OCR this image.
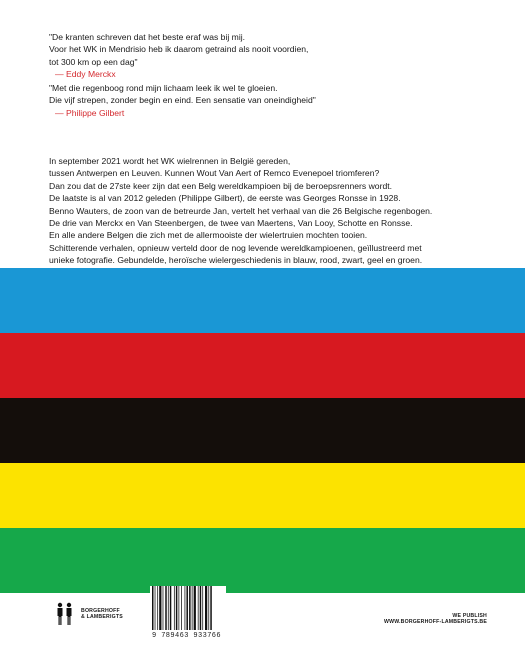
"De kranten schreven dat het beste eraf was bij mij.

Voor het WK in Mendrisio heb ik daarom getraind als nooit voordien,

tot 300 km op een dag"

— Eddy Merckx

"Met die regenboog rond mijn lichaam leek ik wel te gloeien.

Die vijf strepen, zonder begin en eind. Een sensatie van oneindigheid"

— Philippe Gilbert

In september 2021 wordt het WK wielrennen in België gereden,

tussen Antwerpen en Leuven. Kunnen Wout Van Aert of Remco Evenepoel triomferen?

Dan zou dat de 27ste keer zijn dat een Belg wereldkampioen bij de beroepsrenners wordt.

De laatste is al van 2012 geleden (Philippe Gilbert), de eerste was Georges Ronsse in 1928.

Benno Wauters, de zoon van de betreurde Jan, vertelt het verhaal van die 26 Belgische regenbogen.

De drie van Merckx en Van Steenbergen, de twee van Maertens, Van Looy, Schotte en Ronsse.

En alle andere Belgen die zich met de allermooiste der wielertruien mochten tooien.

Schitterende verhalen, opnieuw verteld door de nog levende wereldkampioenen, geïllustreerd met

unieke fotografie. Gebundelde, heroïsche wielergeschiedenis in blauw, rood, zwart, geel en groen.

BORGERHOFF
& LAMBERIGTS
9 789463 933766
WE PUBLISH
WWW.BORGERHOFF-LAMBERIGTS.BE
